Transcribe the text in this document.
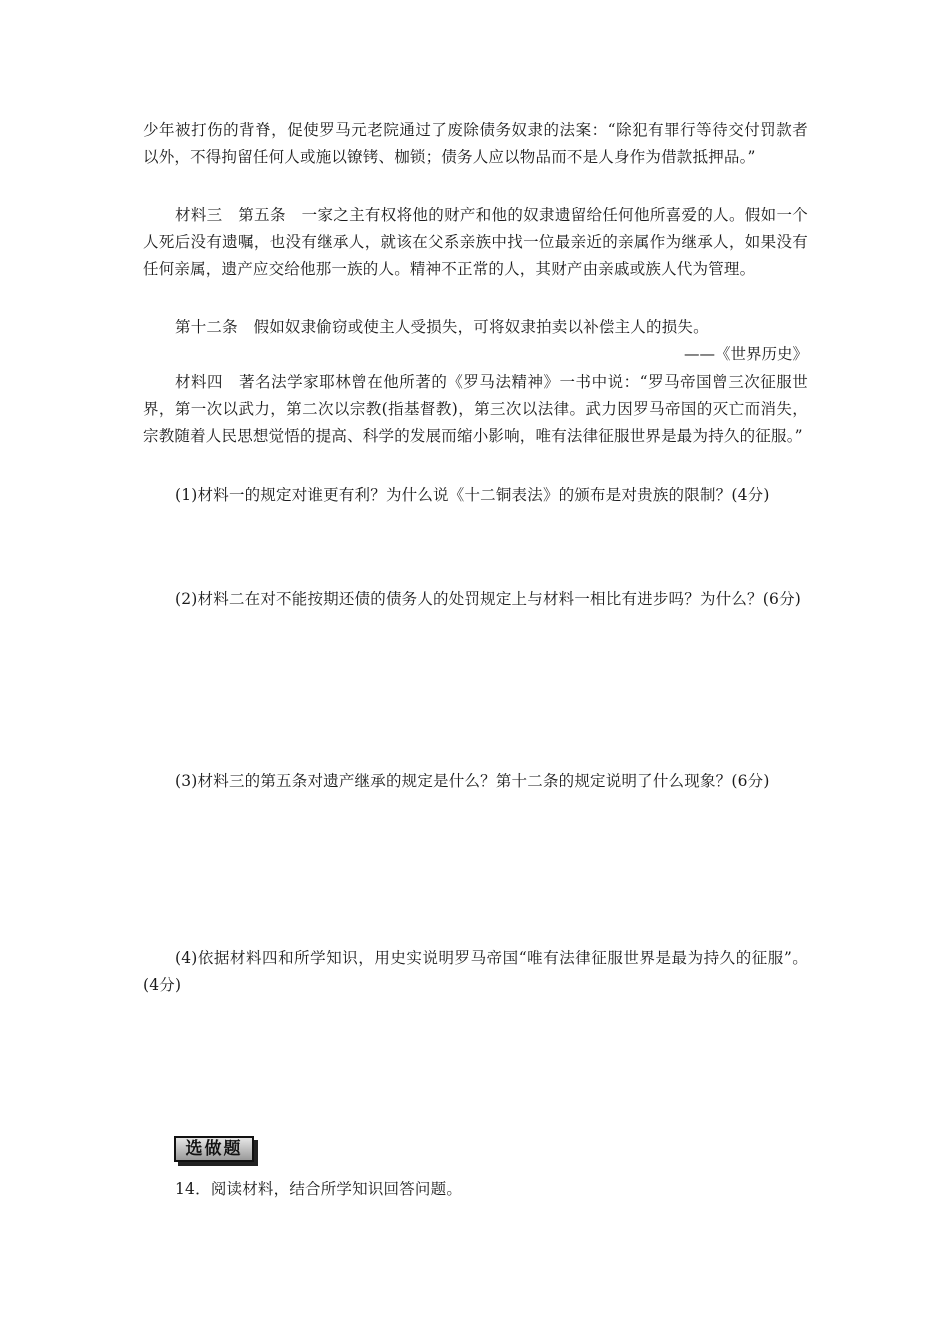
少年被打伤的背脊，促使罗马元老院通过了废除债务奴隶的法案：“除犯有罪行等待交付罚款者以外，不得拘留任何人或施以镣铐、枷锁；债务人应以物品而不是人身作为借款抵押品。”
材料三　第五条　一家之主有权将他的财产和他的奴隶遗留给任何他所喜爱的人。假如一个人死后没有遗嘱，也没有继承人，就该在父系亲族中找一位最亲近的亲属作为继承人，如果没有任何亲属，遗产应交给他那一族的人。精神不正常的人，其财产由亲戚或族人代为管理。
第十二条　假如奴隶偷窃或使主人受损失，可将奴隶拍卖以补偿主人的损失。
——《世界历史》
材料四　著名法学家耶林曾在他所著的《罗马法精神》一书中说：“罗马帝国曾三次征服世界，第一次以武力，第二次以宗教(指基督教)，第三次以法律。武力因罗马帝国的灭亡而消失，宗教随着人民思想觉悟的提高、科学的发展而缩小影响，唯有法律征服世界是最为持久的征服。”
(1)材料一的规定对谁更有利？为什么说《十二铜表法》的颁布是对贵族的限制？(4分)
(2)材料二在对不能按期还债的债务人的处罚规定上与材料一相比有进步吗？为什么？(6分)
(3)材料三的第五条对遗产继承的规定是什么？第十二条的规定说明了什么现象？(6分)
(4)依据材料四和所学知识，用史实说明罗马帝国“唯有法律征服世界是最为持久的征服”。(4分)
选做题
14．阅读材料，结合所学知识回答问题。
